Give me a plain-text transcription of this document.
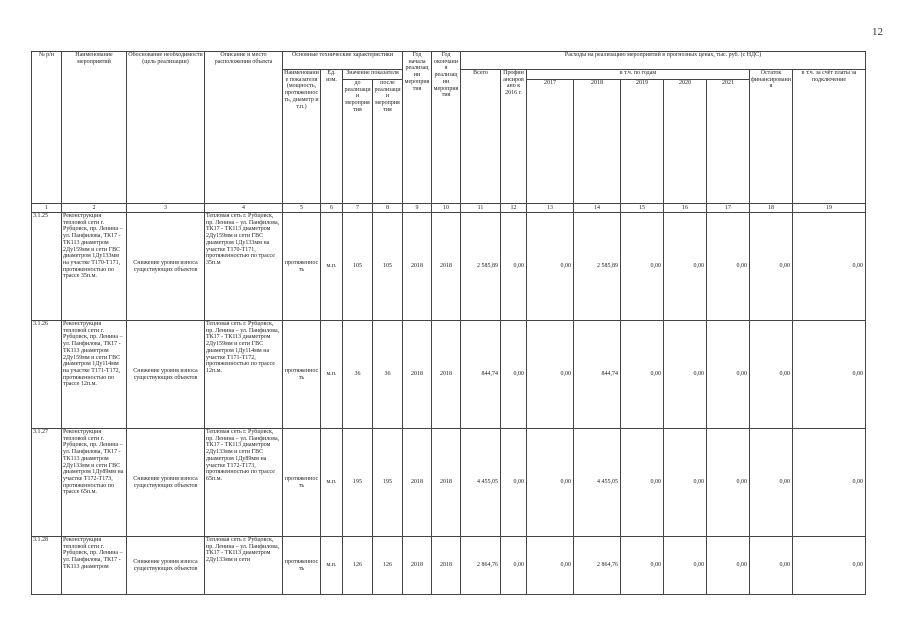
12
№ р/н	Наименование мероприятий	Обоснование необходимости (цель реализации)	Описание и место расположения объекта	Основные технические характеристики				Год начала реализации мероприятия	Год окончания реализации мероприятия	Расходы на реализацию мероприятий в прогнозных ценах, тыс. руб. (с НДС)								
				Наименование показателя (мощность, протяженность, диаметр и т.п.)	Ед. изм.	Значение показателя				Всего	Профинансировано к 2016 г.	в т.ч. по годам					Остаток финансирования	в т.ч. за счёт платы за подключение
						до реализации мероприятия	после реализации мероприятия					2017	2018	2019	2020	2021		
1	2	3	4	5	6	7	8	9	10	11	12	13	14	15	16	17	18	19
3.1.25	Реконструкция тепловой сети г. Рубцовск, пр. Ленина – ул. Панфилова, ТК17 - ТК113 диаметром 2Ду159мм и сети ГВС диаметром 1Ду133мм на участке Т170-Т171, протяженностью по трассе 35п.м.	Снижение уровня износа существующих объектов	Тепловая сеть г. Рубцовск, пр. Ленина – ул. Панфилова, ТК17 - ТК113 диаметром 2Ду159мм и сети ГВС диаметром 1Ду133мм на участке Т170-Т171, протяженностью по трассе 35п.м	протяженность	м.п.	105	105	2018	2018	2 585,89	0,00	0,00	2 585,89	0,00	0,00	0,00	0,00	0,00
3.1.26	Реконструкция тепловой сети г. Рубцовск, пр. Ленина – ул. Панфилова, ТК17 - ТК113 диаметром 2Ду159мм и сети ГВС диаметром 1Ду114мм на участке Т171-Т172, протяженностью по трассе 12п.м.	Снижение уровня износа существующих объектов	Тепловая сеть г. Рубцовск, пр. Ленина – ул. Панфилова, ТК17 - ТК113 диаметром 2Ду159мм и сети ГВС диаметром 1Ду114мм на участке Т171-Т172, протяженностью по трассе 12п.м.	протяженность	м.п.	36	36	2018	2018	844,74	0,00	0,00	844,74	0,00	0,00	0,00	0,00	0,00
3.1.27	Реконструкция тепловой сети г. Рубцовск, пр. Ленина – ул. Панфилова, ТК17 - ТК113 диаметром 2Ду133мм и сети ГВС диаметром 1Ду89мм на участке Т172-Т173, протяженностью по трассе 65п.м.	Снижение уровня износа существующих объектов	Тепловая сеть г. Рубцовск, пр. Ленина – ул. Панфилова, ТК17 - ТК113 диаметром 2Ду133мм и сети ГВС диаметром 1Ду89мм на участке Т172-Т173, протяженностью по трассе 65п.м.	протяженность	м.п.	195	195	2018	2018	4 455,05	0,00	0,00	4 455,05	0,00	0,00	0,00	0,00	0,00
3.1.28	Реконструкция тепловой сети г. Рубцовск, пр. Ленина – ул. Панфилова, ТК17 - ТК113 диаметром	Снижение уровня износа существующих объектов	Тепловая сеть г. Рубцовск, пр. Ленина – ул. Панфилова, ТК17 - ТК113 диаметром 2Ду133мм и сети	протяженность	м.п.	126	126	2018	2018	2 864,76	0,00	0,00	2 864,76	0,00	0,00	0,00	0,00	0,00
